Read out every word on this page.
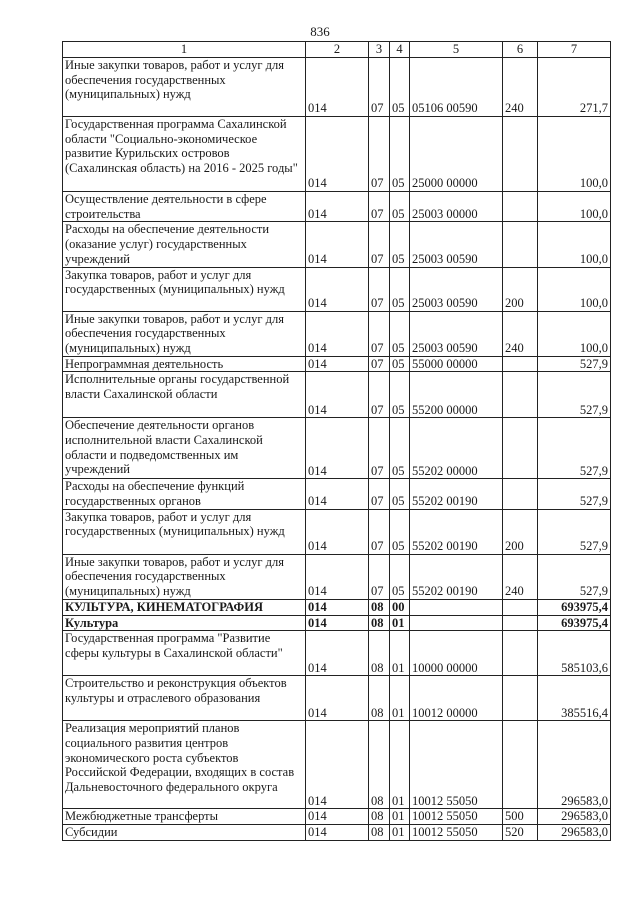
836
1	2	3	4	5	6	7
Иные закупки товаров, работ и услуг для обеспечения государственных (муниципальных) нужд	014	07	05	05106 00590	240	271,7
Государственная программа Сахалинской области "Социально-экономическое развитие Курильских островов (Сахалинская область) на 2016 - 2025 годы"	014	07	05	25000 00000		100,0
Осуществление деятельности в сфере строительства	014	07	05	25003 00000		100,0
Расходы на обеспечение деятельности (оказание услуг) государственных учреждений	014	07	05	25003 00590		100,0
Закупка товаров, работ и услуг для государственных (муниципальных) нужд	014	07	05	25003 00590	200	100,0
Иные закупки товаров, работ и услуг для обеспечения государственных (муниципальных) нужд	014	07	05	25003 00590	240	100,0
Непрограммная деятельность	014	07	05	55000 00000		527,9
Исполнительные органы государственной власти Сахалинской области	014	07	05	55200 00000		527,9
Обеспечение деятельности органов исполнительной власти Сахалинской области и подведомственных им учреждений	014	07	05	55202 00000		527,9
Расходы на обеспечение функций государственных органов	014	07	05	55202 00190		527,9
Закупка товаров, работ и услуг для государственных (муниципальных) нужд	014	07	05	55202 00190	200	527,9
Иные закупки товаров, работ и услуг для обеспечения государственных (муниципальных) нужд	014	07	05	55202 00190	240	527,9
КУЛЬТУРА, КИНЕМАТОГРАФИЯ	014	08	00			693975,4
Культура	014	08	01			693975,4
Государственная программа "Развитие сферы культуры в Сахалинской области"	014	08	01	10000 00000		585103,6
Строительство и реконструкция объектов культуры и отраслевого образования	014	08	01	10012 00000		385516,4
Реализация мероприятий планов социального развития центров экономического роста субъектов Российской Федерации, входящих в состав Дальневосточного федерального округа	014	08	01	10012 55050		296583,0
Межбюджетные трансферты	014	08	01	10012 55050	500	296583,0
Субсидии	014	08	01	10012 55050	520	296583,0
